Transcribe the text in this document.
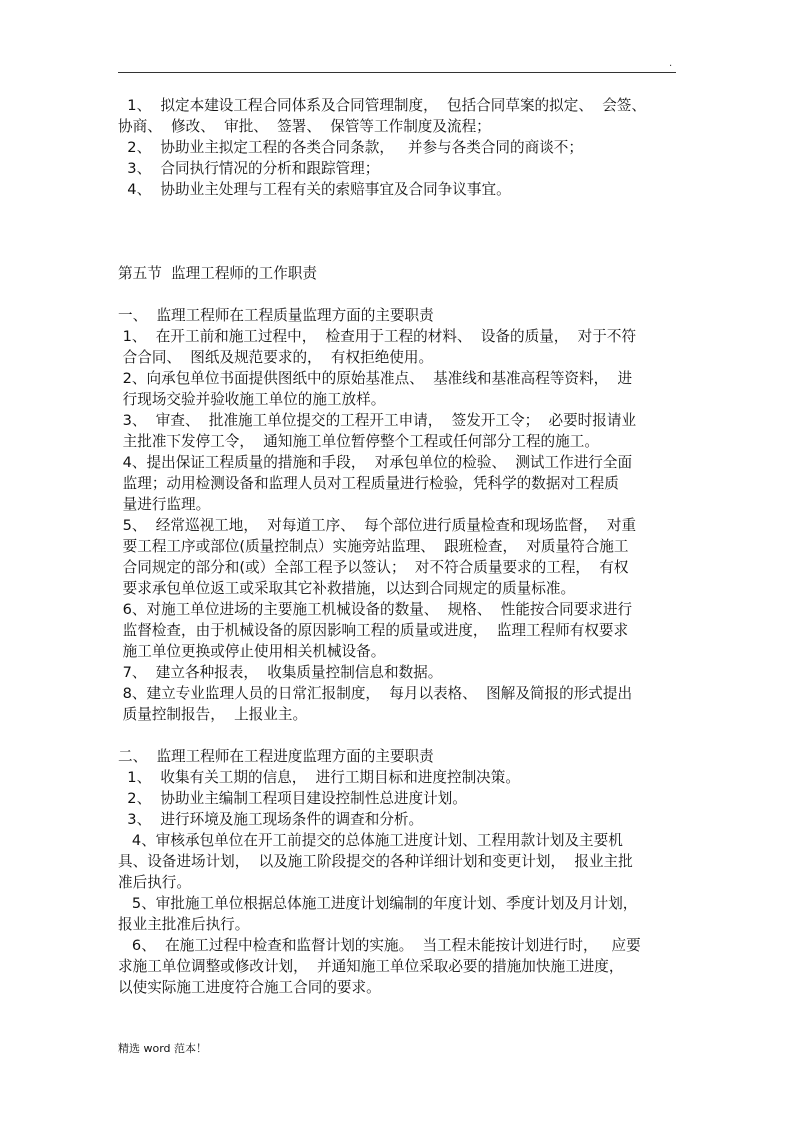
.
1、  拟定本建设工程合同体系及合同管理制度，  包括合同草案的拟定、  会签、
协商、  修改、  审批、  签署、  保管等工作制度及流程；
2、  协助业主拟定工程的各类合同条款，   并参与各类合同的商谈不；
3、  合同执行情况的分析和跟踪管理；
4、  协助业主处理与工程有关的索赔事宜及合同争议事宜。
第五节  监理工程师的工作职责
一、  监理工程师在工程质量监理方面的主要职责
1、  在开工前和施工过程中，  检查用于工程的材料、  设备的质量，  对于不符
合合同、  图纸及规范要求的，  有权拒绝使用。
2、向承包单位书面提供图纸中的原始基准点、  基准线和基准高程等资料，  进
行现场交验并验收施工单位的施工放样。
3、  审查、  批准施工单位提交的工程开工申请，  签发开工令；  必要时报请业
主批准下发停工令，  通知施工单位暂停整个工程或任何部分工程的施工。
4、提出保证工程质量的措施和手段，  对承包单位的检验、  测试工作进行全面
监理；动用检测设备和监理人员对工程质量进行检验，凭科学的数据对工程质
量进行监理。
5、  经常巡视工地，  对每道工序、  每个部位进行质量检查和现场监督，  对重
要工程工序或部位(质量控制点）实施旁站监理、  跟班检查，  对质量符合施工
合同规定的部分和(或）全部工程予以签认；  对不符合质量要求的工程，  有权
要求承包单位返工或采取其它补救措施，以达到合同规定的质量标准。
6、对施工单位进场的主要施工机械设备的数量、  规格、  性能按合同要求进行
监督检查，由于机械设备的原因影响工程的质量或进度，  监理工程师有权要求
施工单位更换或停止使用相关机械设备。
7、  建立各种报表，  收集质量控制信息和数据。
8、建立专业监理人员的日常汇报制度，  每月以表格、  图解及简报的形式提出
质量控制报告，  上报业主。
二、  监理工程师在工程进度监理方面的主要职责
1、  收集有关工期的信息，  进行工期目标和进度控制决策。
2、  协助业主编制工程项目建设控制性总进度计划。
3、  进行环境及施工现场条件的调查和分析。
4、审核承包单位在开工前提交的总体施工进度计划、工程用款计划及主要机
具、设备进场计划，  以及施工阶段提交的各种详细计划和变更计划，  报业主批
准后执行。
5、审批施工单位根据总体施工进度计划编制的年度计划、季度计划及月计划，
报业主批准后执行。
6、  在施工过程中检查和监督计划的实施。  当工程未能按计划进行时，   应要
求施工单位调整或修改计划，  并通知施工单位采取必要的措施加快施工进度，
以使实际施工进度符合施工合同的要求。
精选 word 范本！
